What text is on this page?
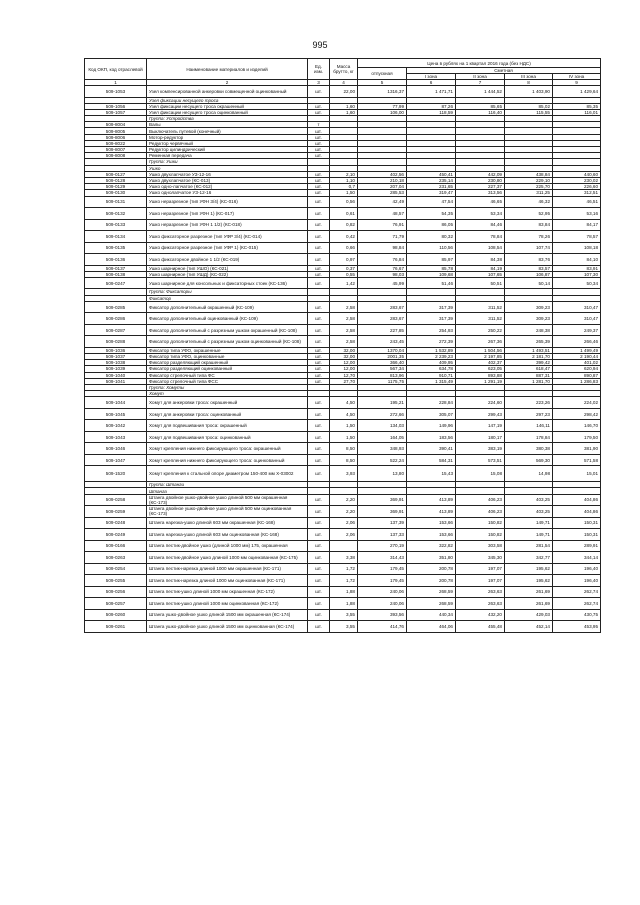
995
Код ОКП, код отраслевой	Наименование материалов и изделий	Ед. изм.	Масса брутто, кг	Цена в рублях на 1 квартал 2016 года (без НДС)				
				отпускная	Сметная			
					I зона	II зона	III зона	IV зона
1	2	3	4	5	6	7	8	9
509-1053	Узел компенсированной анкеровки совмещенной оцинкованный	шт.	22,00	1316,37	1 471,71	1 444,52	1 403,90	1 429,64
	Узел фиксации несущего троса							
509-1056	Узел фиксации несущего троса окрашенный	шт.	1,60	77,99	87,26	85,65	85,02	85,35
509-1057	Узел фиксации несущего троса оцинкованный	шт.	1,60	106,00	118,59	116,40	115,55	116,01
	Группа: Устройства							
509-8004	Валы	т						
509-8005	Выключатель путевой (конечный)	шт.						
509-8006	Мотор-редуктор	шт.						
509-8022	Редуктор червячный	шт.						
509-8007	Редуктор цилиндрический	шт.						
509-8008	Ременная передача	шт.						
	Группа: Ушки							
	Ушко							
509-0127	Ушко двухлапчатое УЗ-12-16	шт.	2,10	402,56	450,41	442,09	438,84	440,60
509-0128	Ушко двухлапчатое (КС-013)	шт.	1,10	210,18	235,14	230,80	229,10	230,02
509-0129	Ушко одно-лапчатое (КС-012)	шт.	0,7	207,04	231,65	227,37	225,70	226,60
509-0130	Ушко однолапчатое УЗ-12-16	шт.	1,50	285,53	319,47	313,56	311,25	312,51
509-0131	Ушко неразрезное (тип УФН 3/4) (КС-016)	шт.	0,56	42,49	47,54	46,65	46,32	46,51
509-0132	Ушко неразрезное (тип УФН 1) (КС-017)	шт.	0,61	48,57	54,35	53,34	52,95	53,16
509-0133	Ушко неразрезное (тип УФН 1 1/2) (КС-018)	шт.	0,82	76,91	86,05	84,46	83,84	84,17
509-0134	Ушко фиксаторное разрезное (тип УФР 3/4) (КС-014)	шт.	0,42	71,79	80,32	78,84	78,26	78,57
509-0135	Ушко фиксаторное разрезное (тип УФР 1) (КС-015)	шт.	0,66	98,84	110,56	108,54	107,74	108,18
509-0136	Ушко фиксаторное двойное 1 1/2 (КС-019)	шт.	0,97	76,84	85,97	84,38	83,76	84,10
509-0137	Ушко шарнирное (тип УШО) (КС-021)	шт.	0,37	76,67	85,78	84,19	83,57	83,91
509-0138	Ушко шарнирное (тип УШД) (КС-022)	шт.	0,55	98,03	109,68	107,65	106,87	107,30
509-0247	Ушко шарнирное для консольных и фиксаторных стоек (КС-136)	шт.	1,42	45,99	51,46	50,51	50,14	50,34
	Группа: Фиксаторы							
	Фиксатор							
509-0285	Фиксатор дополнительный окрашенный (КС-109)	шт.	2,58	283,67	317,39	311,52	309,23	310,47
509-0286	Фиксатор дополнительный оцинкованный (КС-109)	шт.	2,58	283,67	317,39	311,52	309,23	310,47
509-0287	Фиксатор дополнительный с разрезным ушком окрашенный (КС-108)	шт.	2,58	227,85	254,93	250,22	248,38	249,37
509-0288	Фиксатор дополнительный с разрезным ушком оцинкованный (КС-108)	шт.	2,58	243,45	272,39	267,36	265,39	266,46
509-1036	Фиксатор типа УФО, окрашенные	шт.	32,00	1370,04	1 532,89	1 504,56	1 493,51	1 499,49
509-1037	Фиксатор типа УФО, оцинкованные	шт.	32,00	2001,35	2 239,23	2 197,85	2 181,70	2 190,44
509-1038	Фиксатор разделяющий окрашенный	шт.	12,00	366,40	409,95	402,37	399,42	401,02
509-1039	Фиксатор разделяющий оцинкованный	шт.	12,00	567,34	634,78	623,05	618,47	620,94
509-1040	Фиксатор стрелочный типа ФС	шт.	12,70	813,96	910,71	893,88	887,31	890,87
509-1041	Фиксатор стрелочный типа ФСС	шт.	27,70	1175,75	1 315,49	1 291,19	1 281,70	1 286,83
	Группа: Хомуты							
	Хомут							
509-1044	Хомут для анкеровки троса: окрашенный	шт.	4,50	195,21	228,84	224,60	223,26	224,02
509-1045	Хомут для анкеровки троса: оцинкованный	шт.	4,50	272,66	305,07	299,43	297,23	298,42
509-1042	Хомут для подвешивания троса: окрашенный	шт.	1,50	134,03	149,96	147,19	146,11	146,70
509-1043	Хомут для подвешивания троса: оцинкованный	шт.	1,50	164,05	183,56	180,17	178,84	179,50
509-1046	Хомут крепления нижнего фиксирующего троса: окрашенный	шт.	8,50	348,93	390,41	383,19	380,38	381,90
509-1047	Хомут крепления нижнего фиксирующего троса: оцинкованный	шт.	8,50	522,24	584,31	573,51	569,30	571,58
509-1520	Хомут крепления к стальной опоре диаметром 150-400 мм Х-03002	шт.	3,93	13,80	15,43	15,08	14,98	15,01
	Группа: Штанги							
	Штанга							
509-0258	Штанга двойное ушко-двойное ушко длиной 500 мм окрашенная (КС-173)	шт.	2,20	369,91	413,89	406,23	403,25	404,86
509-0259	Штанга двойное ушко-двойное ушко длиной 500 мм оцинкованная (КС-173)	шт.	2,20	369,91	413,89	406,23	403,25	404,86
509-0248	Штанга нарезка-ушко длиной 603 мм окрашенная (КС-168)	шт.	2,06	137,39	153,66	150,82	149,71	150,31
509-0249	Штанга нарезка-ушко длиной 603 мм оцинкованная (КС-168)	шт.	2,06	137,33	153,66	150,82	149,71	150,31
509-0166	Штанга пестик-двойное ушко (длиной 1000 мм) 175, окрашенная	шт.		270,19	322,82	303,58	281,54	289,91
509-0263	Штанга пестик-двойное ушко длиной 1000 мм оцинкованная (КС-175)	шт.	3,38	314,43	351,80	345,30	342,77	344,14
509-0254	Штанга пестик-нарезка длиной 1000 мм окрашенная (КС-171)	шт.	1,72	179,45	200,78	197,07	195,62	196,40
509-0255	Штанга пестик-нарезка длиной 1000 мм оцинкованная (КС-171)	шт.	1,72	179,45	200,78	197,07	195,62	196,40
509-0256	Штанга пестик-ушко длиной 1000 мм окрашенная (КС-172)	шт.	1,88	240,06	268,59	263,63	261,69	262,74
509-0257	Штанга пестик-ушко длиной 1000 мм оцинкованная (КС-172)	шт.	1,88	240,06	268,59	263,63	261,69	262,74
509-0260	Штанга ушко-двойное ушко длиной 1500 мм окрашенная (КС-174)	шт.	3,55	393,56	440,34	432,20	429,03	430,75
509-0261	Штанга ушко-двойное ушко длиной 1500 мм оцинкованная (КС-174)	шт.	3,55	414,76	464,06	455,48	452,14	453,95
